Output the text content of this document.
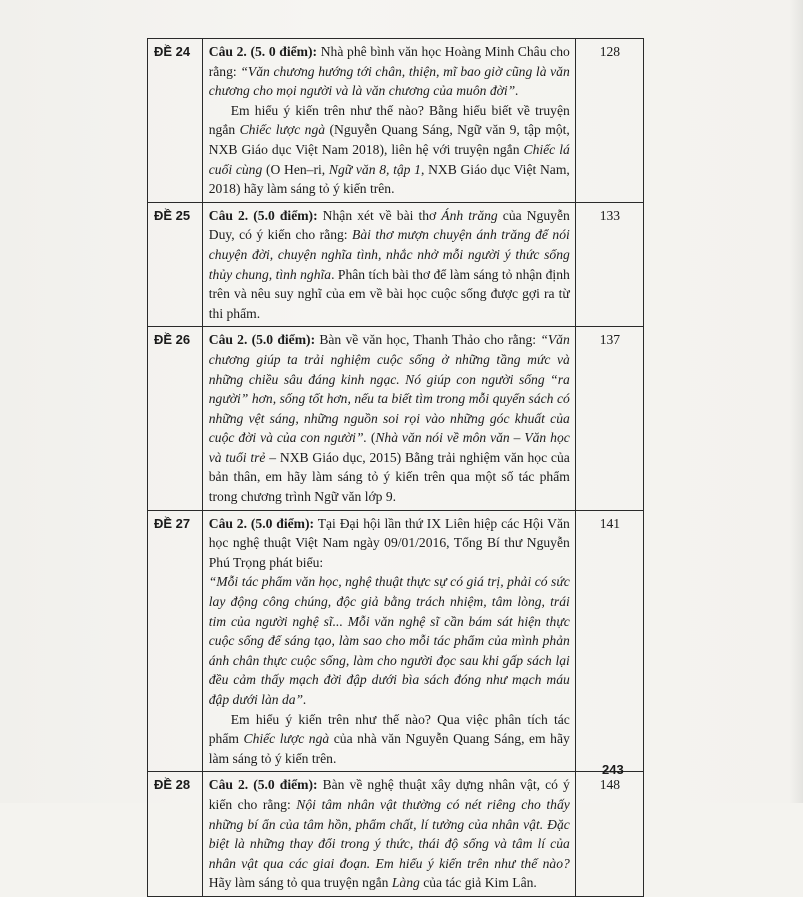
ĐỀ 24	Câu 2. (5. 0 điểm): Nhà phê bình văn học Hoàng Minh Châu cho rằng: “Văn chương hướng tới chân, thiện, mĩ bao giờ cũng là văn chương cho mọi người và là văn chương của muôn đời”.
Em hiểu ý kiến trên như thế nào? Bằng hiểu biết về truyện ngắn Chiếc lược ngà (Nguyễn Quang Sáng, Ngữ văn 9, tập một, NXB Giáo dục Việt Nam 2018), liên hệ với truyện ngắn Chiếc lá cuối cùng (O Hen–ri, Ngữ văn 8, tập 1, NXB Giáo dục Việt Nam, 2018) hãy làm sáng tỏ ý kiến trên.	128
ĐỀ 25	Câu 2. (5.0 điểm): Nhận xét về bài thơ Ánh trăng của Nguyễn Duy, có ý kiến cho rằng: Bài thơ mượn chuyện ánh trăng để nói chuyện đời, chuyện nghĩa tình, nhắc nhở mỗi người ý thức sống thủy chung, tình nghĩa. Phân tích bài thơ để làm sáng tỏ nhận định trên và nêu suy nghĩ của em về bài học cuộc sống được gợi ra từ thi phẩm.	133
ĐỀ 26	Câu 2. (5.0 điểm): Bàn về văn học, Thanh Thảo cho rằng: “Văn chương giúp ta trải nghiệm cuộc sống ở những tầng mức và những chiều sâu đáng kinh ngạc. Nó giúp con người sống “ra người” hơn, sống tốt hơn, nếu ta biết tìm trong mỗi quyển sách có những vệt sáng, những nguồn soi rọi vào những góc khuất của cuộc đời và của con người”. (Nhà văn nói về môn văn – Văn học và tuổi trẻ – NXB Giáo dục, 2015) Bằng trải nghiệm văn học của bản thân, em hãy làm sáng tỏ ý kiến trên qua một số tác phẩm trong chương trình Ngữ văn lớp 9.	137
ĐỀ 27	Câu 2. (5.0 điểm): Tại Đại hội lần thứ IX Liên hiệp các Hội Văn học nghệ thuật Việt Nam ngày 09/01/2016, Tổng Bí thư Nguyễn Phú Trọng phát biểu:
“Mỗi tác phẩm văn học, nghệ thuật thực sự có giá trị, phải có sức lay động công chúng, độc giả bằng trách nhiệm, tâm lòng, trái tim của người nghệ sĩ... Mỗi văn nghệ sĩ cần bám sát hiện thực cuộc sống để sáng tạo, làm sao cho mỗi tác phẩm của mình phản ánh chân thực cuộc sống, làm cho người đọc sau khi gấp sách lại đều cảm thấy mạch đời đập dưới bìa sách đóng như mạch máu đập dưới làn da”.
Em hiểu ý kiến trên như thế nào? Qua việc phân tích tác phẩm Chiếc lược ngà của nhà văn Nguyễn Quang Sáng, em hãy làm sáng tỏ ý kiến trên.	141
ĐỀ 28	Câu 2. (5.0 điểm): Bàn về nghệ thuật xây dựng nhân vật, có ý kiến cho rằng: Nội tâm nhân vật thường có nét riêng cho thấy những bí ẩn của tâm hồn, phẩm chất, lí tưởng của nhân vật. Đặc biệt là những thay đổi trong ý thức, thái độ sống và tâm lí của nhân vật qua các giai đoạn. Em hiểu ý kiến trên như thế nào? Hãy làm sáng tỏ qua truyện ngắn Làng của tác giả Kim Lân.	148
243
